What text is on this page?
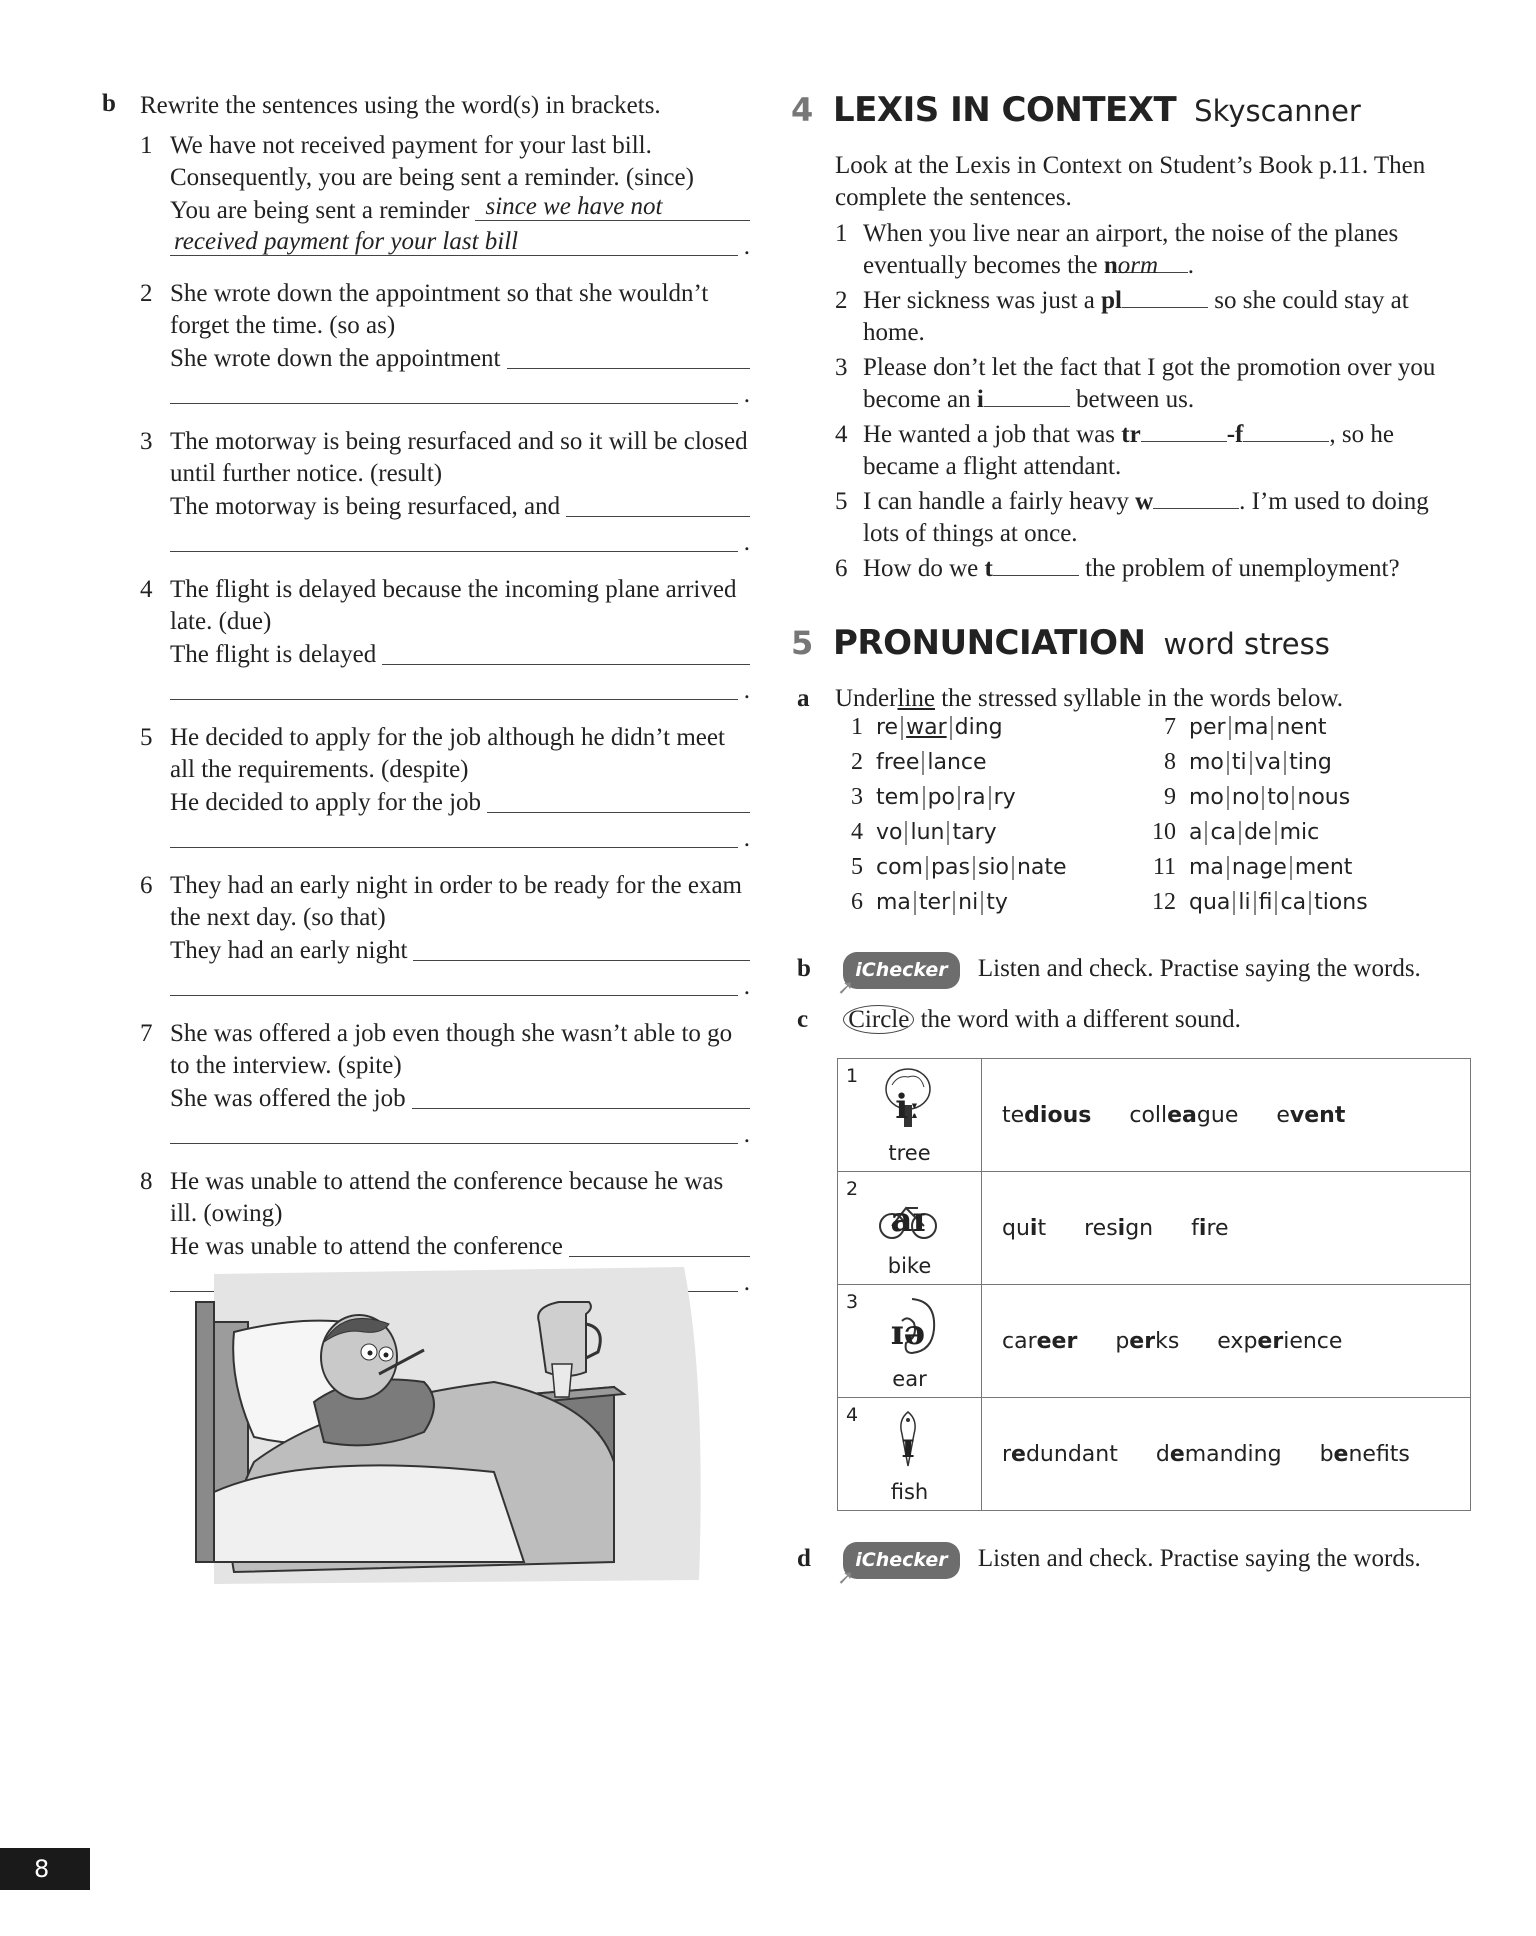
b Rewrite the sentences using the word(s) in brackets.
1 We have not received payment for your last bill. Consequently, you are being sent a reminder. (since)
You are being sent a reminder since we have not
received payment for your last bill	.
2 She wrote down the appointment so that she wouldn’t forget the time. (so as)
She wrote down the appointment
.
3 The motorway is being resurfaced and so it will be closed until further notice. (result)
The motorway is being resurfaced, and
.
4 The flight is delayed because the incoming plane arrived late. (due)
The flight is delayed
.
5 He decided to apply for the job although he didn’t meet all the requirements. (despite)
He decided to apply for the job
.
6 They had an early night in order to be ready for the exam the next day. (so that)
They had an early night
.
7 She was offered a job even though she wasn’t able to go to the interview. (spite)
She was offered the job
.
8 He was unable to attend the conference because he was ill. (owing)
He was unable to attend the conference
.
4 LEXIS IN CONTEXT Skyscanner
Look at the Lexis in Context on Student’s Book p.11. Then complete the sentences.
1 When you live near an airport, the noise of the planes eventually becomes the norm .
2 Her sickness was just a pl	so she could stay at home.
3 Please don’t let the fact that I got the promotion over you become an i	between us.
4 He wanted a job that was tr	-f	, so he became a flight attendant.
5 I can handle a fairly heavy w	. I’m used to doing lots of things at once.
6 How do we t	the problem of unemployment?
5 PRONUNCIATION word stress
a Underline the stressed syllable in the words below.
1 re war ding
2 free lance
3 tem po ra ry
4 vo lun tary
5 com pas sio nate
6 ma ter ni ty
7 per ma nent
8 mo ti va ting
9 mo no to nous
10 a ca de mic
11 ma nage ment
12 qua li fi ca tions
b iChecker
➚
Listen and check. Practise saying the words.
c Circle the word with a different sound.
1
iː
tree	tedious colleague event

2
aɪ
bike	quit resign fire

3
ɪə
ear	career perks experience

4
ɪ
fish	redundant demanding benefits
d iChecker
➚
Listen and check. Practise saying the words.
8
